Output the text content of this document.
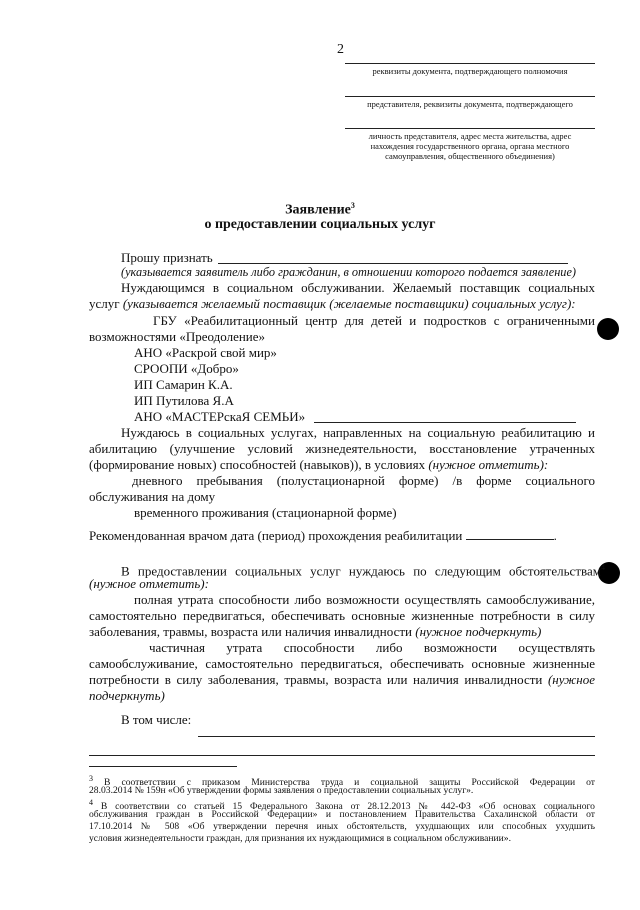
2
реквизиты документа, подтверждающего полномочия
представителя, реквизиты документа, подтверждающего
личность представителя, адрес места жительства, адрес
нахождения государственного органа, органа местного
самоуправления, общественного объединения)
Заявление$^3$
о предоставлении социальных услуг
Прошу признать
(указывается заявитель либо гражданин, в отношении которого подается заявление)
Нуждающимся в социальном обслуживании. Желаемый поставщик социальных
услуг (указывается желаемый поставщик (желаемые поставщики) социальных услуг):
ГБУ «Реабилитационный центр для детей и подростков с ограниченными
возможностями «Преодоление»
АНО «Раскрой свой мир»
СРООПИ «Добро»
ИП Самарин К.А.
ИП Путилова Я.А
АНО «МАСТЕРскаЯ СЕМЬИ»
Нуждаюсь в социальных услугах, направленных на социальную реабилитацию и
абилитацию (улучшение условий жизнедеятельности, восстановление утраченных
(формирование новых) способностей (навыков)), в условиях (нужное отметить):
дневного пребывания (полустационарной форме) /в форме социального
обслуживания на дому
временного проживания (стационарной форме)
Рекомендованная врачом дата (период) прохождения реабилитации	.
В предоставлении социальных услуг нуждаюсь по следующим обстоятельствам$^4$
(нужное отметить):
полная утрата способности либо возможности осуществлять самообслуживание,
самостоятельно передвигаться, обеспечивать основные жизненные потребности в силу
заболевания, травмы, возраста или наличия инвалидности (нужное подчеркнуть)
частичная утрата способности либо возможности осуществлять
самообслуживание, самостоятельно передвигаться, обеспечивать основные жизненные
потребности в силу заболевания, травмы, возраста или наличия инвалидности (нужное
подчеркнуть)
В том числе:
$^3$ В соответствии с приказом Министерства труда и социальной защиты Российской Федерации от
28.03.2014 № 159н «Об утверждении формы заявления о предоставлении социальных услуг».
$^4$ В соответствии со статьей 15 Федерального Закона от 28.12.2013 № 442-ФЗ «Об основах социального
обслуживания граждан в Российской Федерации» и постановлением Правительства Сахалинской области от
17.10.2014 № 508 «Об утверждении перечня иных обстоятельств, ухудшающих или способных ухудшить
условия жизнедеятельности граждан, для признания их нуждающимися в социальном обслуживании».
